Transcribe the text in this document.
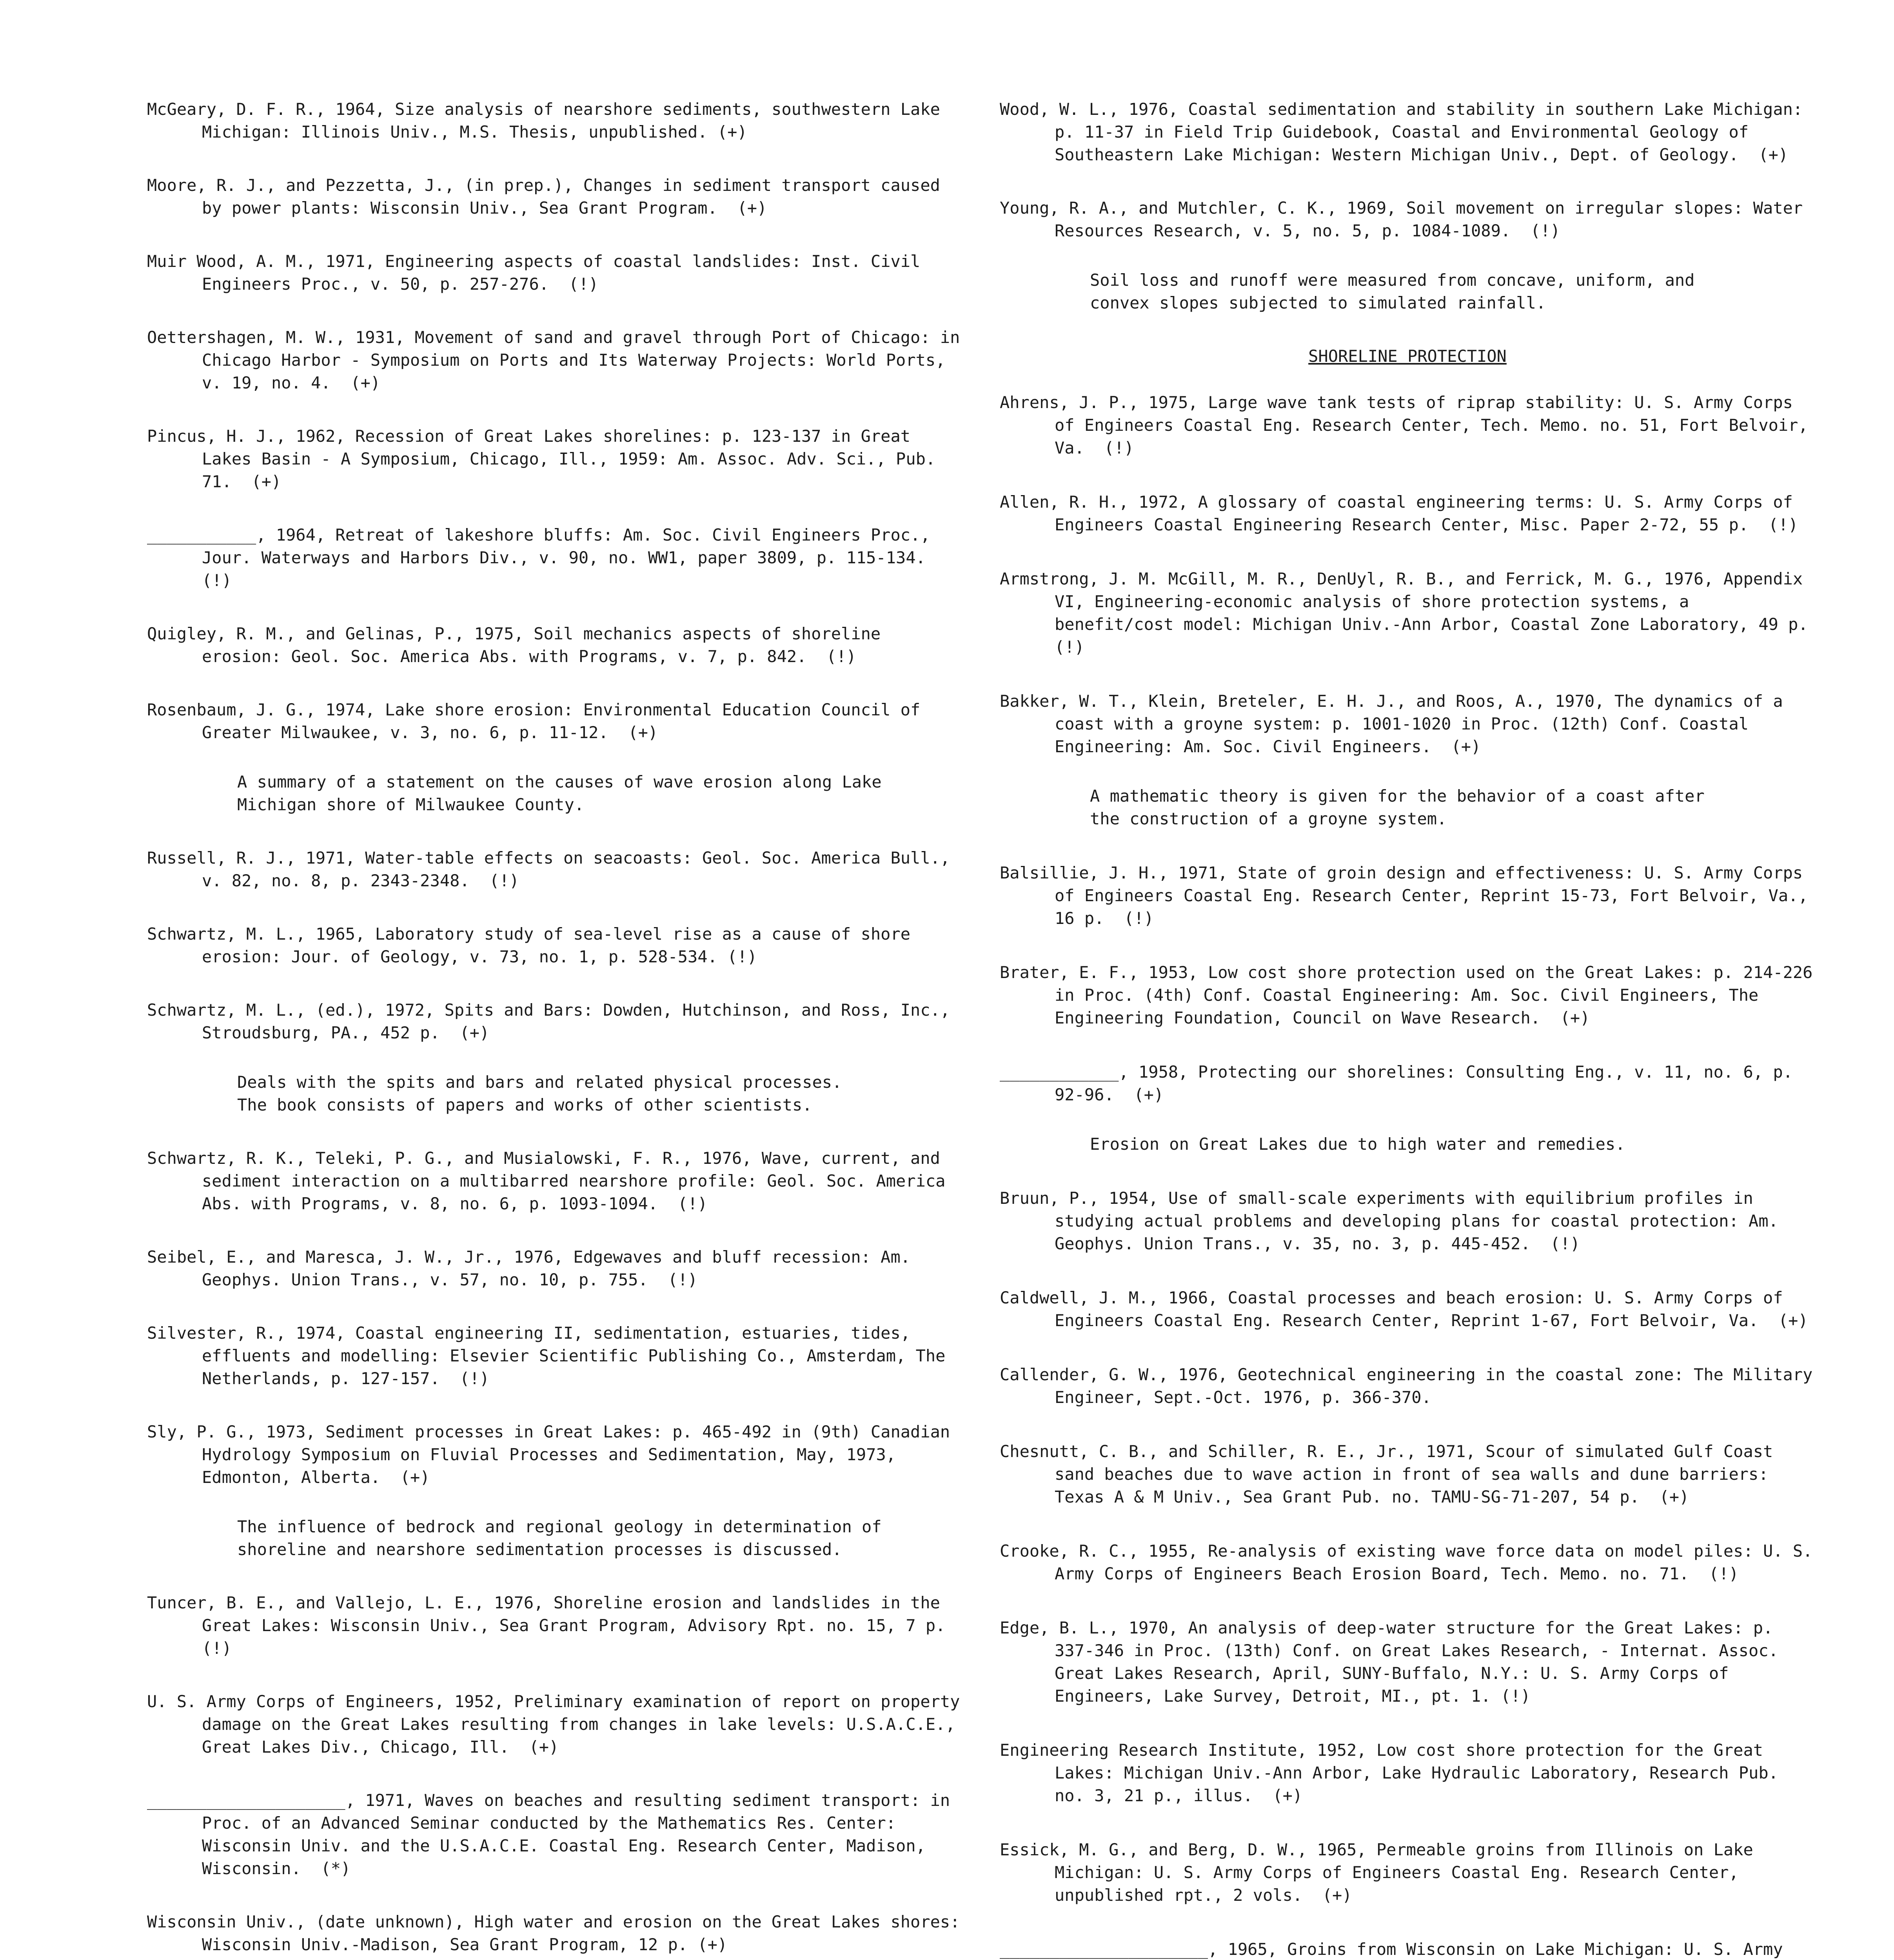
McGeary, D. F. R., 1964, Size analysis of nearshore sediments, southwestern Lake Michigan: Illinois Univ., M.S. Thesis, unpublished. (+)
Moore, R. J., and Pezzetta, J., (in prep.), Changes in sediment transport caused by power plants: Wisconsin Univ., Sea Grant Program.  (+)
Muir Wood, A. M., 1971, Engineering aspects of coastal landslides: Inst. Civil Engineers Proc., v. 50, p. 257-276.  (!)
Oettershagen, M. W., 1931, Movement of sand and gravel through Port of Chicago: in Chicago Harbor - Symposium on Ports and Its Waterway Projects: World Ports, v. 19, no. 4.  (+)
Pincus, H. J., 1962, Recession of Great Lakes shorelines: p. 123-137 in Great Lakes Basin - A Symposium, Chicago, Ill., 1959: Am. Assoc. Adv. Sci., Pub. 71.  (+)
___________, 1964, Retreat of lakeshore bluffs: Am. Soc. Civil Engineers Proc., Jour. Waterways and Harbors Div., v. 90, no. WW1, paper 3809, p. 115-134.  (!)
Quigley, R. M., and Gelinas, P., 1975, Soil mechanics aspects of shoreline erosion: Geol. Soc. America Abs. with Programs, v. 7, p. 842.  (!)
Rosenbaum, J. G., 1974, Lake shore erosion: Environmental Education Council of Greater Milwaukee, v. 3, no. 6, p. 11-12.  (+)
A summary of a statement on the causes of wave erosion along Lake Michigan shore of Milwaukee County.
Russell, R. J., 1971, Water-table effects on seacoasts: Geol. Soc. America Bull., v. 82, no. 8, p. 2343-2348.  (!)
Schwartz, M. L., 1965, Laboratory study of sea-level rise as a cause of shore erosion: Jour. of Geology, v. 73, no. 1, p. 528-534. (!)
Schwartz, M. L., (ed.), 1972, Spits and Bars: Dowden, Hutchinson, and Ross, Inc., Stroudsburg, PA., 452 p.  (+)
Deals with the spits and bars and related physical processes.  The book consists of papers and works of other scientists.
Schwartz, R. K., Teleki, P. G., and Musialowski, F. R., 1976, Wave, current, and sediment interaction on a multibarred nearshore profile: Geol. Soc. America Abs. with Programs, v. 8, no. 6, p. 1093-1094.  (!)
Seibel, E., and Maresca, J. W., Jr., 1976, Edgewaves and bluff recession: Am. Geophys. Union Trans., v. 57, no. 10, p. 755.  (!)
Silvester, R., 1974, Coastal engineering II, sedimentation, estuaries, tides, effluents and modelling: Elsevier Scientific Publishing Co., Amsterdam, The Netherlands, p. 127-157.  (!)
Sly, P. G., 1973, Sediment processes in Great Lakes: p. 465-492 in (9th) Canadian Hydrology Symposium on Fluvial Processes and Sedimentation, May, 1973, Edmonton, Alberta.  (+)
The influence of bedrock and regional geology in determination of shoreline and nearshore sedimentation processes is discussed.
Tuncer, B. E., and Vallejo, L. E., 1976, Shoreline erosion and landslides in the Great Lakes: Wisconsin Univ., Sea Grant Program, Advisory Rpt. no. 15, 7 p.  (!)
U. S. Army Corps of Engineers, 1952, Preliminary examination of report on property damage on the Great Lakes resulting from changes in lake levels: U.S.A.C.E., Great Lakes Div., Chicago, Ill.  (+)
____________________, 1971, Waves on beaches and resulting sediment transport: in Proc. of an Advanced Seminar conducted by the Mathematics Res. Center: Wisconsin Univ. and the U.S.A.C.E. Coastal Eng. Research Center, Madison, Wisconsin.  (*)
Wisconsin Univ., (date unknown), High water and erosion on the Great Lakes shores: Wisconsin Univ.-Madison, Sea Grant Program, 12 p. (+)
Wood, W. L., 1976, Coastal sedimentation and stability in southern Lake Michigan: p. 11-37 in Field Trip Guidebook, Coastal and Environmental Geology of Southeastern Lake Michigan: Western Michigan Univ., Dept. of Geology.  (+)
Young, R. A., and Mutchler, C. K., 1969, Soil movement on irregular slopes: Water Resources Research, v. 5, no. 5, p. 1084-1089.  (!)
Soil loss and runoff were measured from concave, uniform, and convex slopes subjected to simulated rainfall.

SHORELINE PROTECTION

Ahrens, J. P., 1975, Large wave tank tests of riprap stability: U. S. Army Corps of Engineers Coastal Eng. Research Center, Tech. Memo. no. 51, Fort Belvoir, Va.  (!)
Allen, R. H., 1972, A glossary of coastal engineering terms: U. S. Army Corps of Engineers Coastal Engineering Research Center, Misc. Paper 2-72, 55 p.  (!)
Armstrong, J. M. McGill, M. R., DenUyl, R. B., and Ferrick, M. G., 1976, Appendix VI, Engineering-economic analysis of shore protection systems, a benefit/cost model: Michigan Univ.-Ann Arbor, Coastal Zone Laboratory, 49 p.  (!)
Bakker, W. T., Klein, Breteler, E. H. J., and Roos, A., 1970, The dynamics of a coast with a groyne system: p. 1001-1020 in Proc. (12th) Conf. Coastal Engineering: Am. Soc. Civil Engineers.  (+)
A mathematic theory is given for the behavior of a coast after the construction of a groyne system.
Balsillie, J. H., 1971, State of groin design and effectiveness: U. S. Army Corps of Engineers Coastal Eng. Research Center, Reprint 15-73, Fort Belvoir, Va., 16 p.  (!)
Brater, E. F., 1953, Low cost shore protection used on the Great Lakes: p. 214-226 in Proc. (4th) Conf. Coastal Engineering: Am. Soc. Civil Engineers, The Engineering Foundation, Council on Wave Research.  (+)
____________, 1958, Protecting our shorelines: Consulting Eng., v. 11, no. 6, p. 92-96.  (+)
Erosion on Great Lakes due to high water and remedies.
Bruun, P., 1954, Use of small-scale experiments with equilibrium profiles in studying actual problems and developing plans for coastal protection: Am. Geophys. Union Trans., v. 35, no. 3, p. 445-452.  (!)
Caldwell, J. M., 1966, Coastal processes and beach erosion: U. S. Army Corps of Engineers Coastal Eng. Research Center, Reprint 1-67, Fort Belvoir, Va.  (+)
Callender, G. W., 1976, Geotechnical engineering in the coastal zone: The Military Engineer, Sept.-Oct. 1976, p. 366-370.
Chesnutt, C. B., and Schiller, R. E., Jr., 1971, Scour of simulated Gulf Coast sand beaches due to wave action in front of sea walls and dune barriers: Texas A & M Univ., Sea Grant Pub. no. TAMU-SG-71-207, 54 p.  (+)
Crooke, R. C., 1955, Re-analysis of existing wave force data on model piles: U. S. Army Corps of Engineers Beach Erosion Board, Tech. Memo. no. 71.  (!)
Edge, B. L., 1970, An analysis of deep-water structure for the Great Lakes: p. 337-346 in Proc. (13th) Conf. on Great Lakes Research, - Internat. Assoc. Great Lakes Research, April, SUNY-Buffalo, N.Y.: U. S. Army Corps of Engineers, Lake Survey, Detroit, MI., pt. 1. (!)
Engineering Research Institute, 1952, Low cost shore protection for the Great Lakes: Michigan Univ.-Ann Arbor, Lake Hydraulic Laboratory, Research Pub. no. 3, 21 p., illus.  (+)
Essick, M. G., and Berg, D. W., 1965, Permeable groins from Illinois on Lake Michigan: U. S. Army Corps of Engineers Coastal Eng. Research Center, unpublished rpt., 2 vols.  (+)
_____________________, 1965, Groins from Wisconsin on Lake Michigan: U. S. Army
